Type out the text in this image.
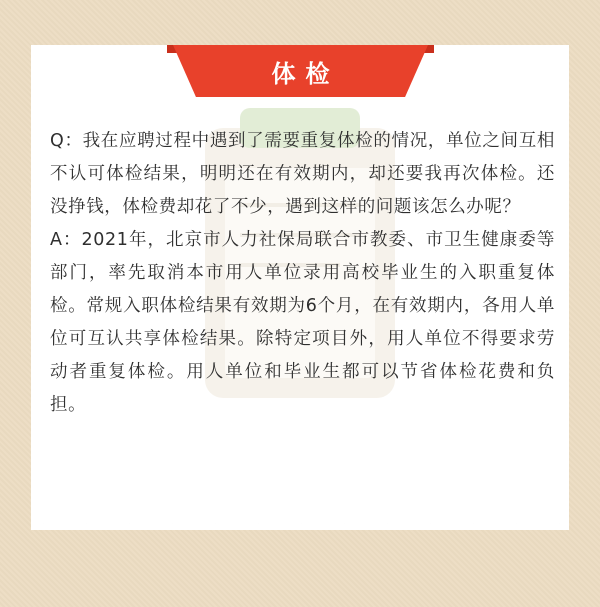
体检

Q：我在应聘过程中遇到了需要重复体检的情况，单位之间互相不认可体检结果，明明还在有效期内，却还要我再次体检。还没挣钱，体检费却花了不少，遇到这样的问题该怎么办呢？

A：2021年，北京市人力社保局联合市教委、市卫生健康委等部门，率先取消本市用人单位录用高校毕业生的入职重复体检。常规入职体检结果有效期为6个月，在有效期内，各用人单位可互认共享体检结果。除特定项目外，用人单位不得要求劳动者重复体检。用人单位和毕业生都可以节省体检花费和负担。
